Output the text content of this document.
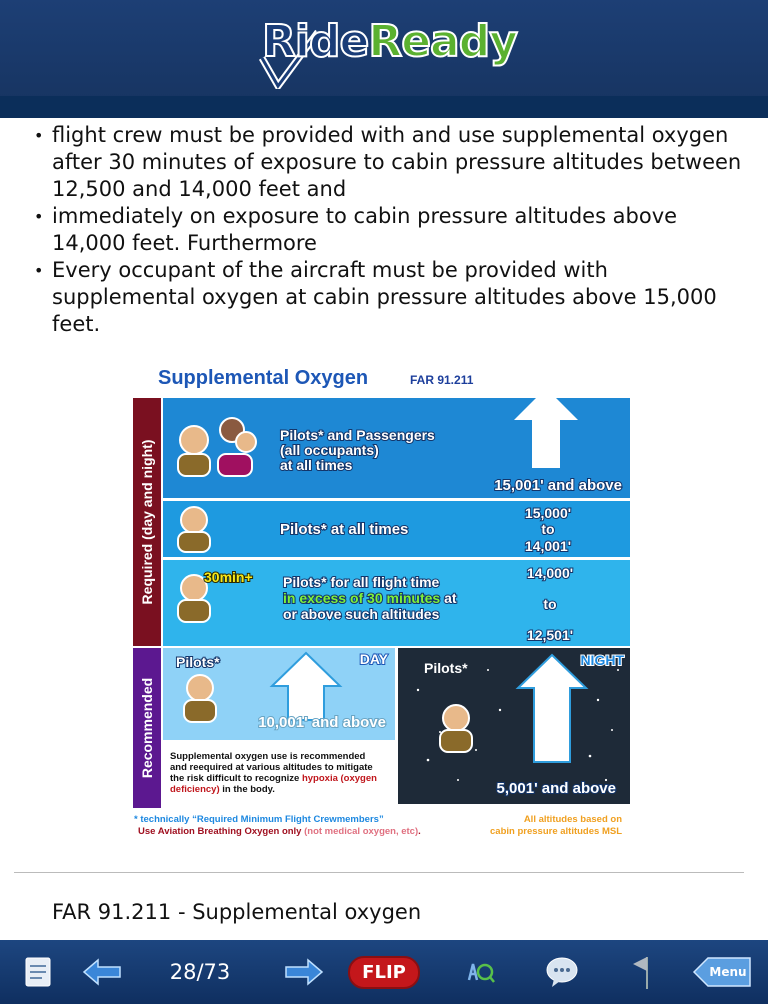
RideReady
• flight crew must be provided with and use supplemental oxygen after 30 minutes of exposure to cabin pressure altitudes between 12,500 and 14,000 feet and
• immediately on exposure to cabin pressure altitudes above 14,000 feet. Furthermore
• Every occupant of the aircraft must be provided with supplemental oxygen at cabin pressure altitudes above 15,000 feet.
Supplemental Oxygen	FAR 91.211
Required (day and night)
Recommended
Pilots* and Passengers
(all occupants)
at all times
15,001' and above
Pilots* at all times
15,000'
to
14,001'
30min+ Pilots* for all flight time
in excess of 30 minutes at
or above such altitudes
14,000'
to
12,501'
Pilots*	DAY
10,001' and above
Supplemental oxygen use is recommended
and reequired at various altitudes to mitigate
the risk difficult to recognize hypoxia (oxygen
deficiency) in the body.
Pilots*	NIGHT
5,001' and above
* technically “Required Minimum Flight Crewmembers”
Use Aviation Breathing Oxygen only (not medical oxygen, etc).
All altitudes based on
cabin pressure altitudes MSL
FAR 91.211 - Supplemental oxygen
28/73	FLIP	Menu
